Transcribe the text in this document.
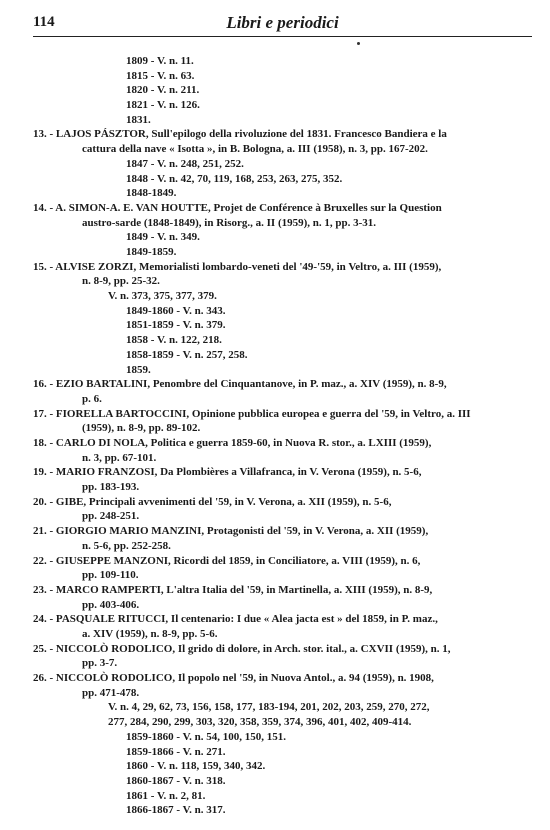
114	Libri e periodici
1809 - V. n. 11.
1815 - V. n. 63.
1820 - V. n. 211.
1821 - V. n. 126.
1831.
13. - LAJOS PÁSZTOR, Sull'epilogo della rivoluzione del 1831. Francesco Bandiera e la
cattura della nave « Isotta », in B. Bologna, a. III (1958), n. 3, pp. 167-202.
1847 - V. n. 248, 251, 252.
1848 - V. n. 42, 70, 119, 168, 253, 263, 275, 352.
1848-1849.
14. - A. SIMON-A. E. VAN HOUTTE, Projet de Conférence à Bruxelles sur la Question
austro-sarde (1848-1849), in Risorg., a. II (1959), n. 1, pp. 3-31.
1849 - V. n. 349.
1849-1859.
15. - ALVISE ZORZI, Memorialisti lombardo-veneti del '49-'59, in Veltro, a. III (1959),
n. 8-9, pp. 25-32.
V. n. 373, 375, 377, 379.
1849-1860 - V. n. 343.
1851-1859 - V. n. 379.
1858 - V. n. 122, 218.
1858-1859 - V. n. 257, 258.
1859.
16. - EZIO BARTALINI, Penombre del Cinquantanove, in P. maz., a. XIV (1959), n. 8-9,
p. 6.
17. - FIORELLA BARTOCCINI, Opinione pubblica europea e guerra del '59, in Veltro, a. III
(1959), n. 8-9, pp. 89-102.
18. - CARLO DI NOLA, Politica e guerra 1859-60, in Nuova R. stor., a. LXIII (1959),
n. 3, pp. 67-101.
19. - MARIO FRANZOSI, Da Plombières a Villafranca, in V. Verona (1959), n. 5-6,
pp. 183-193.
20. - GIBE, Principali avvenimenti del '59, in V. Verona, a. XII (1959), n. 5-6,
pp. 248-251.
21. - GIORGIO MARIO MANZINI, Protagonisti del '59, in V. Verona, a. XII (1959),
n. 5-6, pp. 252-258.
22. - GIUSEPPE MANZONI, Ricordi del 1859, in Conciliatore, a. VIII (1959), n. 6,
pp. 109-110.
23. - MARCO RAMPERTI, L'altra Italia del '59, in Martinella, a. XIII (1959), n. 8-9,
pp. 403-406.
24. - PASQUALE RITUCCI, Il centenario: I due « Alea jacta est » del 1859, in P. maz.,
a. XIV (1959), n. 8-9, pp. 5-6.
25. - NICCOLÒ RODOLICO, Il grido di dolore, in Arch. stor. ital., a. CXVII (1959), n. 1,
pp. 3-7.
26. - NICCOLÒ RODOLICO, Il popolo nel '59, in Nuova Antol., a. 94 (1959), n. 1908,
pp. 471-478.
V. n. 4, 29, 62, 73, 156, 158, 177, 183-194, 201, 202, 203, 259, 270, 272,
277, 284, 290, 299, 303, 320, 358, 359, 374, 396, 401, 402, 409-414.
1859-1860 - V. n. 54, 100, 150, 151.
1859-1866 - V. n. 271.
1860 - V. n. 118, 159, 340, 342.
1860-1867 - V. n. 318.
1861 - V. n. 2, 81.
1866-1867 - V. n. 317.
